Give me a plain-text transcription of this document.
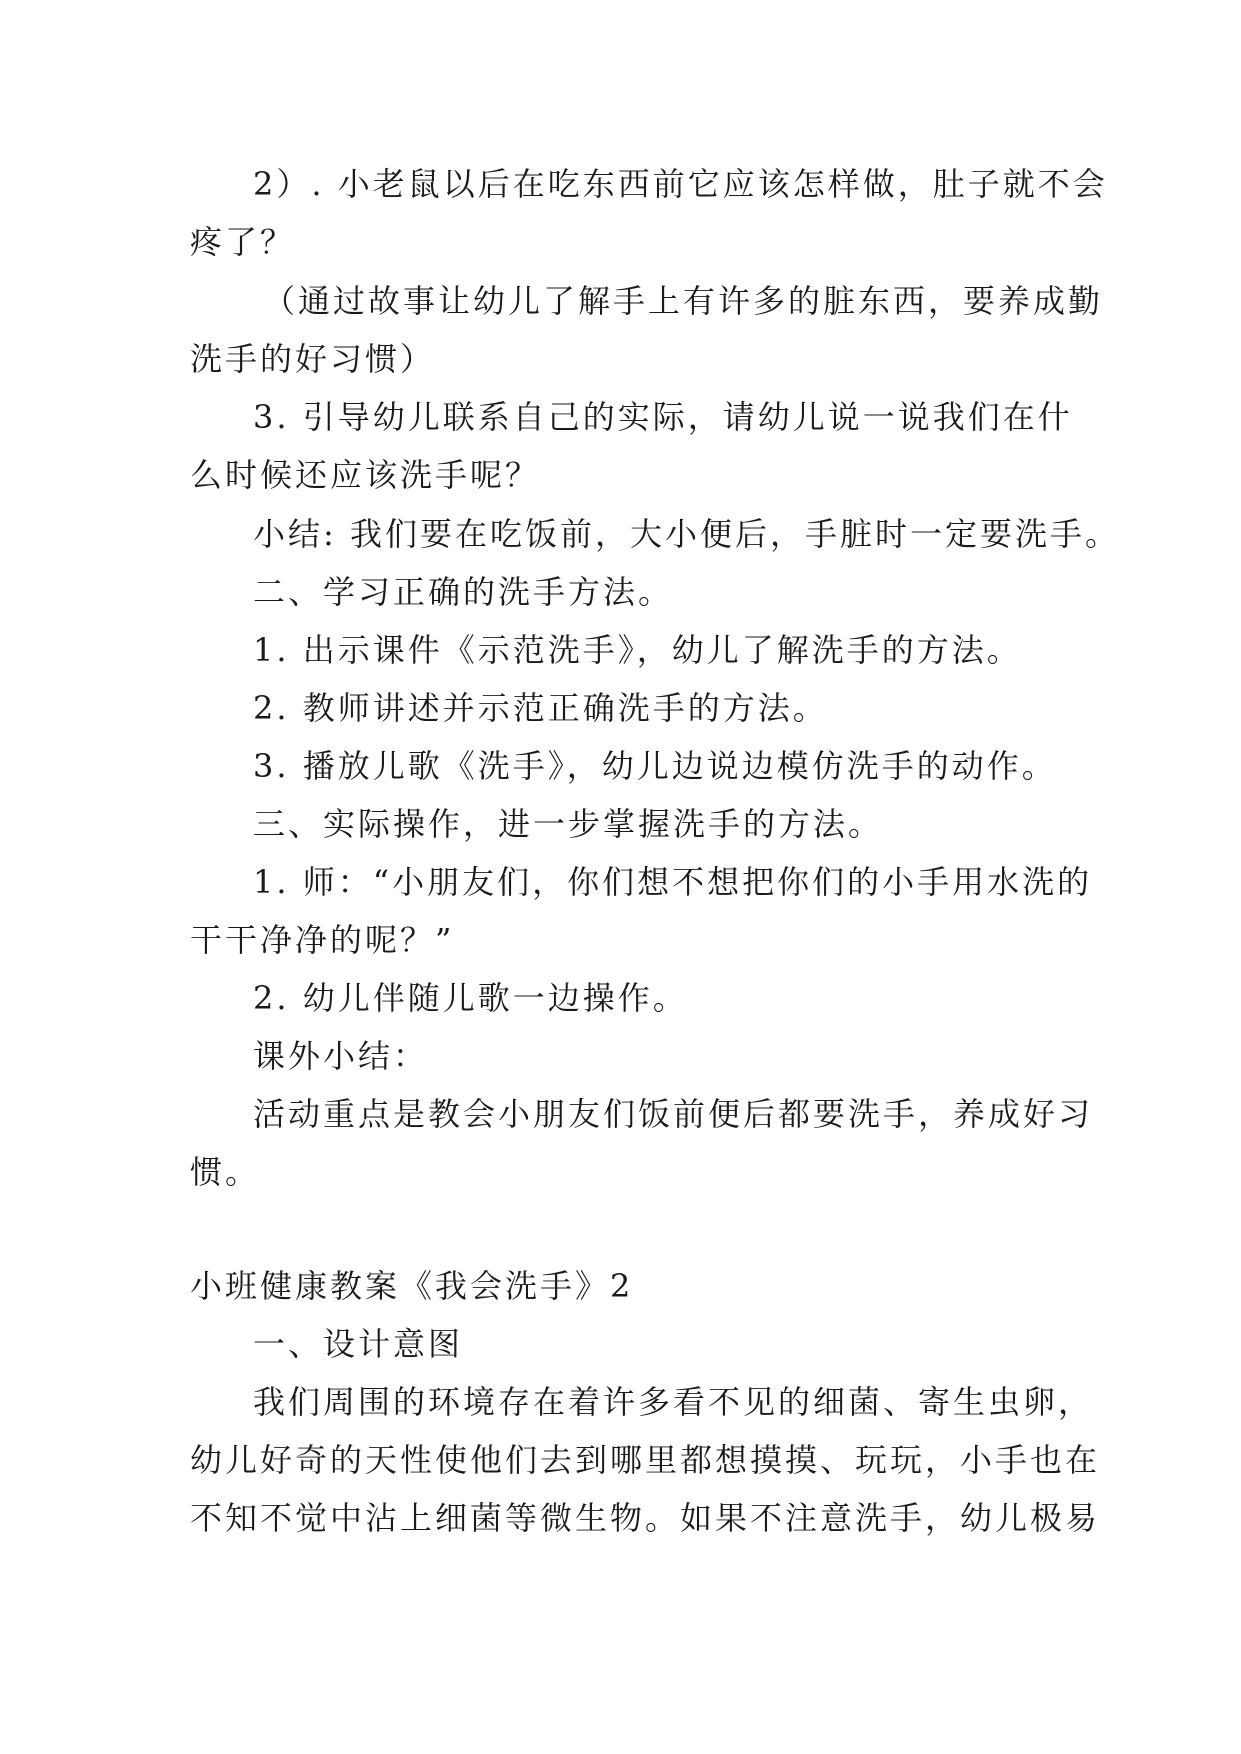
2）. 小老鼠以后在吃东西前它应该怎样做，肚子就不会
疼了？
（通过故事让幼儿了解手上有许多的脏东西，要养成勤
洗手的好习惯）
3. 引导幼儿联系自己的实际，请幼儿说一说我们在什
么时候还应该洗手呢？
小结: 我们要在吃饭前，大小便后，手脏时一定要洗手。
二、学习正确的洗手方法。
1. 出示课件《示范洗手》，幼儿了解洗手的方法。
2. 教师讲述并示范正确洗手的方法。
3. 播放儿歌《洗手》，幼儿边说边模仿洗手的动作。
三、实际操作，进一步掌握洗手的方法。
1. 师：“小朋友们，你们想不想把你们的小手用水洗的
干干净净的呢？”
2. 幼儿伴随儿歌一边操作。
课外小结：
活动重点是教会小朋友们饭前便后都要洗手，养成好习
惯。
小班健康教案《我会洗手》2
一、设计意图
我们周围的环境存在着许多看不见的细菌、寄生虫卵，
幼儿好奇的天性使他们去到哪里都想摸摸、玩玩，小手也在
不知不觉中沾上细菌等微生物。如果不注意洗手，幼儿极易
